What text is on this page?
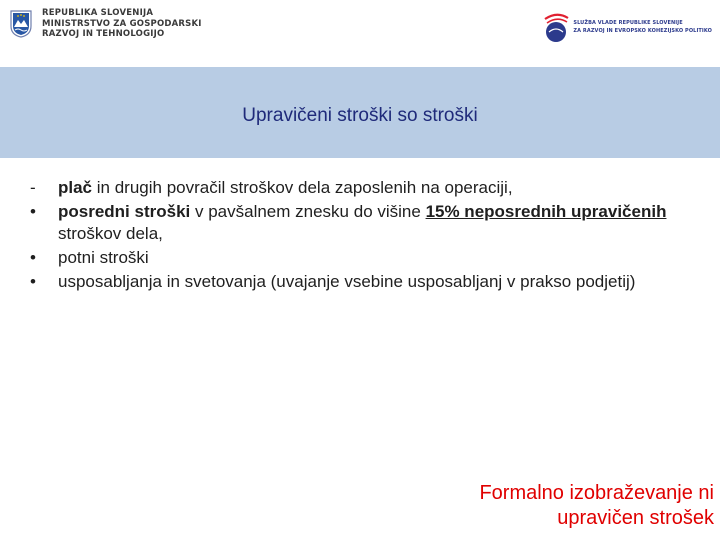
REPUBLIKA SLOVENIJA
MINISTRSTVO ZA GOSPODARSKI
RAZVOJ IN TEHNOLOGIJO
SLUŽBA VLADE REPUBLIKE SLOVENIJE
ZA RAZVOJ IN EVROPSKO KOHEZIJSKO POLITIKO
Upravičeni stroški so stroški
-	plač in drugih povračil stroškov dela zaposlenih na operaciji,
•	posredni stroški v pavšalnem znesku do višine 15% neposrednih upravičenih stroškov dela,
•	potni stroški
•	usposabljanja in svetovanja (uvajanje vsebine usposabljanj v prakso podjetij)
Formalno izobraževanje ni
upravičen strošek
